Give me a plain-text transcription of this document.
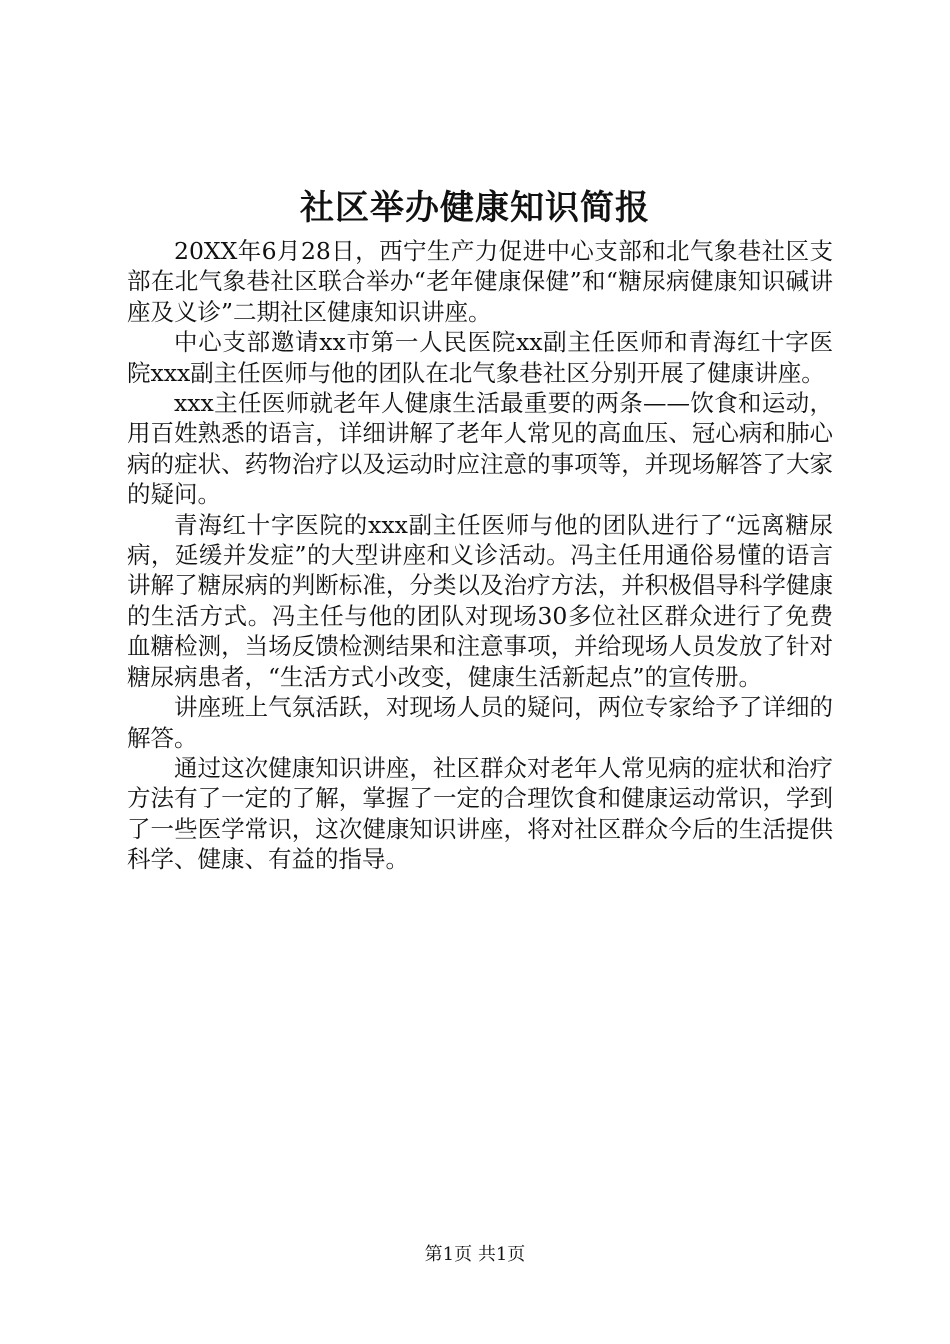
社区举办健康知识简报

20XX年6月28日，西宁生产力促进中心支部和北气象巷社区支部在北气象巷社区联合举办“老年健康保健”和“糖尿病健康知识碱讲座及义诊”二期社区健康知识讲座。

中心支部邀请xx市第一人民医院xx副主任医师和青海红十字医院xxx副主任医师与他的团队在北气象巷社区分别开展了健康讲座。

xxx主任医师就老年人健康生活最重要的两条——饮食和运动，用百姓熟悉的语言，详细讲解了老年人常见的高血压、冠心病和肺心病的症状、药物治疗以及运动时应注意的事项等，并现场解答了大家的疑问。

青海红十字医院的xxx副主任医师与他的团队进行了“远离糖尿病，延缓并发症”的大型讲座和义诊活动。冯主任用通俗易懂的语言讲解了糖尿病的判断标准，分类以及治疗方法，并积极倡导科学健康的生活方式。冯主任与他的团队对现场30多位社区群众进行了免费血糖检测，当场反馈检测结果和注意事项，并给现场人员发放了针对糖尿病患者，“生活方式小改变，健康生活新起点”的宣传册。

讲座班上气氛活跃，对现场人员的疑问，两位专家给予了详细的解答。

通过这次健康知识讲座，社区群众对老年人常见病的症状和治疗方法有了一定的了解，掌握了一定的合理饮食和健康运动常识，学到了一些医学常识，这次健康知识讲座，将对社区群众今后的生活提供科学、健康、有益的指导。

第1页 共1页
